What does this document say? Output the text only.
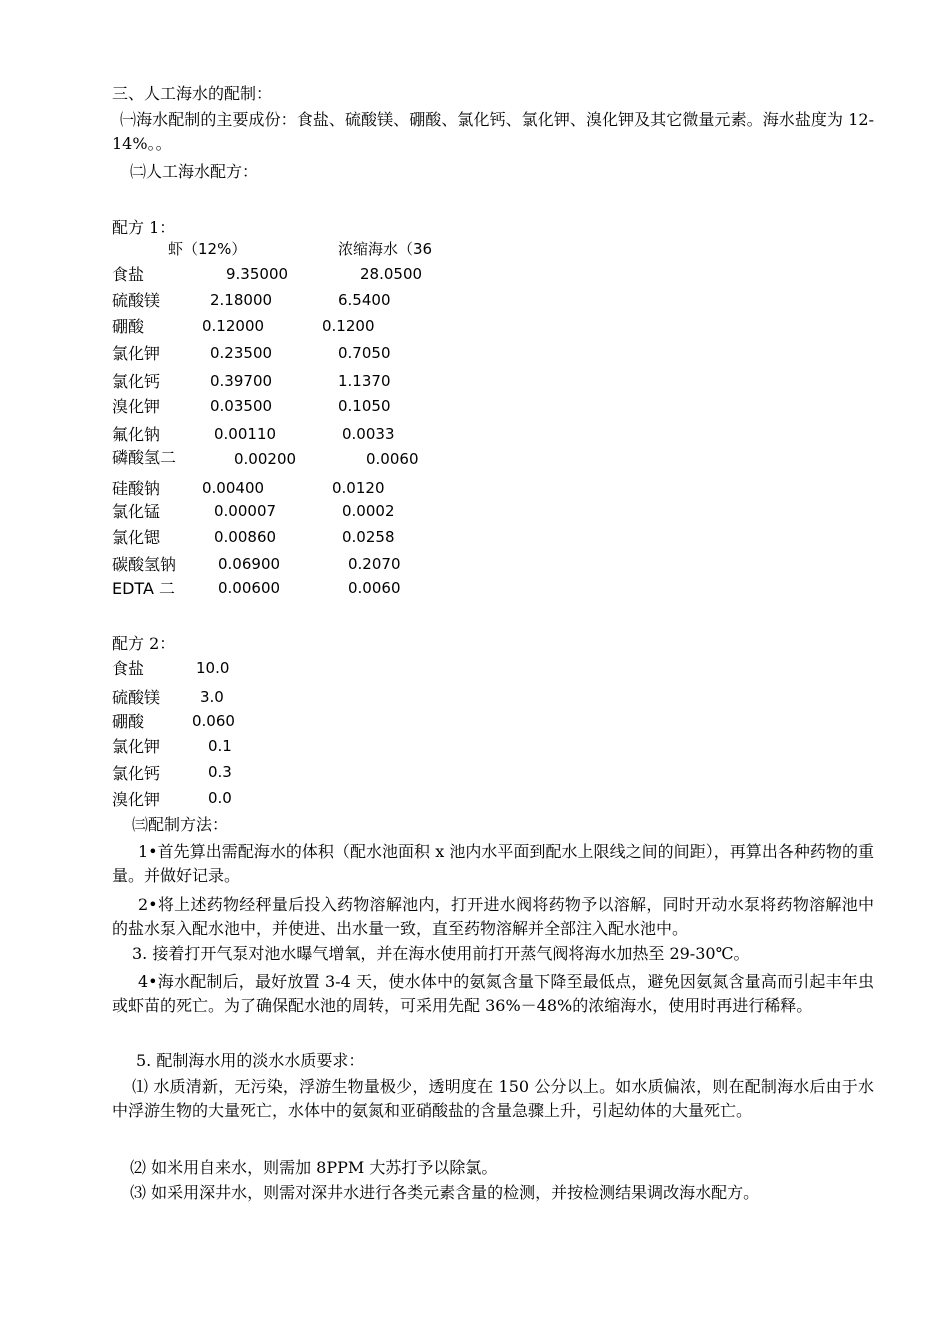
三、人工海水的配制：
㈠海水配制的主要成份：食盐、硫酸镁、硼酸、氯化钙、氯化钾、溴化钾及其它微量元素。海水盐度为 12-14%。。
㈡人工海水配方：
配方 1：
虾（12%）	浓缩海水（36
食盐	9.35000	28.0500
硫酸镁	2.18000	6.5400
硼酸	0.12000	0.1200
氯化钾	0.23500	0.7050
氯化钙	0.39700	1.1370
溴化钾	0.03500	0.1050
氟化钠	0.00110	0.0033
磷酸氢二	0.00200	0.0060
硅酸钠	0.00400	0.0120
氯化锰	0.00007	0.0002
氯化锶	0.00860	0.0258
碳酸氢钠	0.06900	0.2070
EDTA 二	0.00600	0.0060
配方 2：
食盐	10.0
硫酸镁	3.0
硼酸	0.060
氯化钾	0.1
氯化钙	0.3
溴化钾	0.0
㈢配制方法：
1•首先算出需配海水的体积（配水池面积 x 池内水平面到配水上限线之间的间距），再算出各种药物的重量。并做好记录。
2•将上述药物经秤量后投入药物溶解池内，打开进水阀将药物予以溶解，同时开动水泵将药物溶解池中的盐水泵入配水池中，并使进、出水量一致，直至药物溶解并全部注入配水池中。
3. 接着打开气泵对池水曝气增氧，并在海水使用前打开蒸气阀将海水加热至 29-30℃。
4•海水配制后，最好放置 3-4 天，使水体中的氨氮含量下降至最低点，避免因氨氮含量高而引起丰年虫或虾苗的死亡。为了确保配水池的周转，可采用先配 36%－48%的浓缩海水，使用时再进行稀释。
5. 配制海水用的淡水水质要求：
⑴ 水质清新，无污染，浮游生物量极少，透明度在 150 公分以上。如水质偏浓，则在配制海水后由于水中浮游生物的大量死亡，水体中的氨氮和亚硝酸盐的含量急骤上升，引起幼体的大量死亡。
⑵ 如米用自来水，则需加 8PPM 大苏打予以除氯。
⑶ 如采用深井水，则需对深井水进行各类元素含量的检测，并按检测结果调改海水配方。
